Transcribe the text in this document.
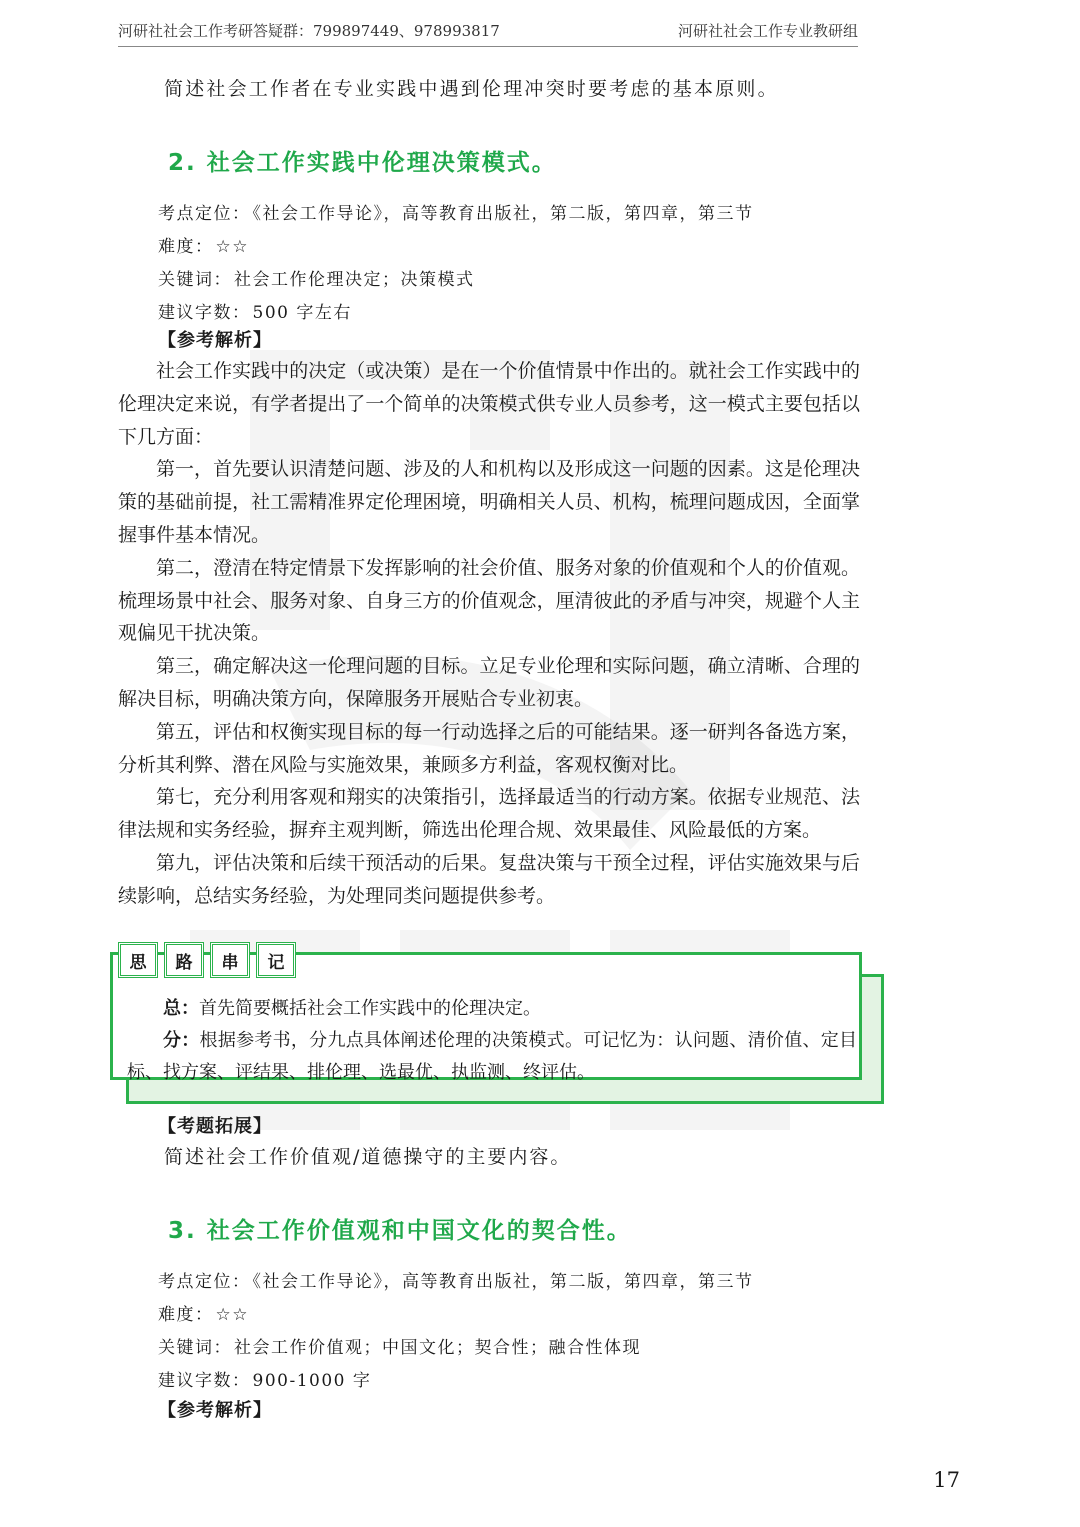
河研社社会工作考研答疑群：799897449、978993817	河研社社会工作专业教研组
简述社会工作者在专业实践中遇到伦理冲突时要考虑的基本原则。
2. 社会工作实践中伦理决策模式。
考点定位： 《社会工作导论》，高等教育出版社，第二版，第四章，第三节
难度： ☆☆
关键词： 社会工作伦理决定；决策模式
建议字数： 500 字左右
【参考解析】

社会工作实践中的决定（或决策）是在一个价值情景中作出的。就社会工作实践中的伦理决定来说，有学者提出了一个简单的决策模式供专业人员参考，这一模式主要包括以下几方面：

第一，首先要认识清楚问题、涉及的人和机构以及形成这一问题的因素。这是伦理决策的基础前提，社工需精准界定伦理困境，明确相关人员、机构，梳理问题成因，全面掌握事件基本情况。

第二，澄清在特定情景下发挥影响的社会价值、服务对象的价值观和个人的价值观。梳理场景中社会、服务对象、自身三方的价值观念，厘清彼此的矛盾与冲突，规避个人主观偏见干扰决策。

第三，确定解决这一伦理问题的目标。立足专业伦理和实际问题，确立清晰、合理的解决目标，明确决策方向，保障服务开展贴合专业初衷。

第五，评估和权衡实现目标的每一行动选择之后的可能结果。逐一研判各备选方案，分析其利弊、潜在风险与实施效果，兼顾多方利益，客观权衡对比。

第七，充分利用客观和翔实的决策指引，选择最适当的行动方案。依据专业规范、法律法规和实务经验，摒弃主观判断，筛选出伦理合规、效果最佳、风险最低的方案。

第九，评估决策和后续干预活动的后果。复盘决策与干预全过程，评估实施效果与后续影响，总结实务经验，为处理同类问题提供参考。

总：首先简要概括社会工作实践中的伦理决定。

分：根据参考书，分九点具体阐述伦理的决策模式。可记忆为：认问题、清价值、定目标、找方案、评结果、排伦理、选最优、执监测、终评估。

思	路	串	记
【考题拓展】
简述社会工作价值观/道德操守的主要内容。
3. 社会工作价值观和中国文化的契合性。
考点定位： 《社会工作导论》，高等教育出版社，第二版，第四章，第三节
难度： ☆☆
关键词： 社会工作价值观；中国文化；契合性；融合性体现
建议字数： 900-1000 字
【参考解析】
17
